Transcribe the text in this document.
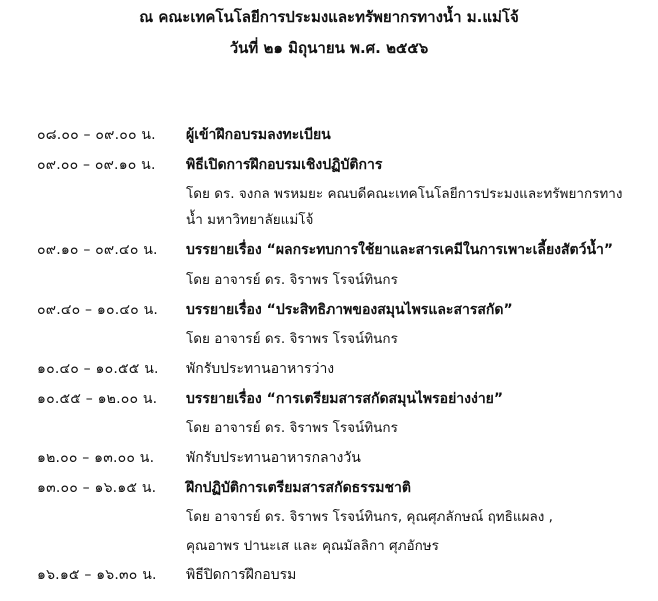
ณ คณะเทคโนโลยีการประมงและทรัพยากรทางน้ำ ม.แม่โจ้
วันที่ ๒๑ มิถุนายน พ.ศ. ๒๕๕๖
๐๘.๐๐ – ๐๙.๐๐ น.	ผู้เข้าฝึกอบรมลงทะเบียน
๐๙.๐๐ – ๐๙.๑๐ น.	พิธีเปิดการฝึกอบรมเชิงปฏิบัติการ
โดย ดร. จงกล พรหมยะ คณบดีคณะเทคโนโลยีการประมงและทรัพยากรทาง
น้ำ มหาวิทยาลัยแม่โจ้
๐๙.๑๐ – ๐๙.๔๐ น.	บรรยายเรื่อง “ผลกระทบการใช้ยาและสารเคมีในการเพาะเลี้ยงสัตว์น้ำ”
โดย อาจารย์ ดร. จิราพร โรจน์ทินกร
๐๙.๔๐ – ๑๐.๔๐ น.	บรรยายเรื่อง “ประสิทธิภาพของสมุนไพรและสารสกัด”
โดย อาจารย์ ดร. จิราพร โรจน์ทินกร
๑๐.๔๐ – ๑๐.๕๕ น.	พักรับประทานอาหารว่าง
๑๐.๕๕ – ๑๒.๐๐ น.	บรรยายเรื่อง “การเตรียมสารสกัดสมุนไพรอย่างง่าย”
โดย อาจารย์ ดร. จิราพร โรจน์ทินกร
๑๒.๐๐ – ๑๓.๐๐ น.	พักรับประทานอาหารกลางวัน
๑๓.๐๐ – ๑๖.๑๕ น.	ฝึกปฏิบัติการเตรียมสารสกัดธรรมชาติ
โดย อาจารย์ ดร. จิราพร โรจน์ทินกร, คุณศุภลักษณ์ ฤทธิแผลง ,
คุณอาพร ปานะเส และ คุณมัลลิกา ศุภอักษร
๑๖.๑๕ – ๑๖.๓๐ น.	พิธีปิดการฝึกอบรม
